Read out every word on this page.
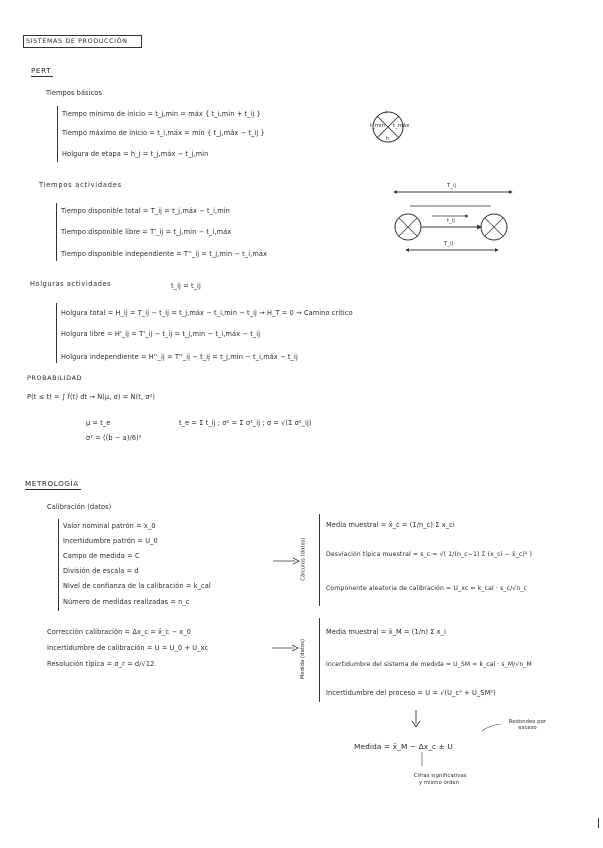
SISTEMAS DE PRODUCCIÓN
PERT
Tiempos básicos
Tiempo mínimo de inicio = t_j,min = máx { t_i,min + t_ij }
Tiempo máximo de inicio = t_i,máx = mín { t_j,máx − t_ij }
Holgura de etapa = h_j = t_j,máx − t_j,min
i
t_min t_máx
h
Tiempos actividades
Tiempo disponible total = T_ij = t_j,máx − t_i,min
Tiempo disponible libre = T'_ij = t_j,min − t_i,máx
Tiempo disponible independiente = T''_ij = t_j,min − t_i,máx
T_ij
t_ij
T_ij
Holguras actividades	t_ij = t_ij
Holgura total = H_ij = T_ij − t_ij = t_j,máx − t_i,min − t_ij → H_T = 0 → Camino crítico
Holgura libre = H'_ij = T'_ij − t_ij = t_j,min − t_i,máx − t_ij
Holgura independiente = H''_ij = T''_ij − t_ij = t_j,min − t_i,máx − t_ij
PROBABILIDAD
P(t ≤ t) = ∫ f(t) dt → N(μ, σ) = N(t, σ²)
μ = t_e	t_e = Σ t_ij ; σ² = Σ σ²_ij ; σ = √(Σ σ²_ij)
σ² = ((b − a)/6)²
METROLOGÍA
Calibración (datos)
Valor nominal patrón = x_0
Incertidumbre patrón = U_0
Campo de medida = C
División de escala = d
Nivel de confianza de la calibración = k_cal
Número de medidas realizadas = n_c
Cálculos (datos)
Media muestral = x̄_c = (1/n_c) Σ x_ci
Desviación típica muestral = s_c = √( 1/(n_c−1) Σ (x_ci − x̄_c)² )
Componente aleatoria de calibración = U_xc = k_cal · s_c/√n_c
Corrección calibración = Δx_c = x̄_c − x_0
Incertidumbre de calibración = U = U_0 + U_xc
Resolución típica = σ_r = d/√12	Medida (datos)
Media muestral = x̄_M = (1/n) Σ x_i
Incertidumbre del sistema de medida = U_SM = k_cal · s_M/√n_M
Incertidumbre del proceso = U = √(U_c² + U_SM²)
Redondeo por exceso
Medida = x̄_M − Δx_c ± U
Cifras significativas
y mismo orden
